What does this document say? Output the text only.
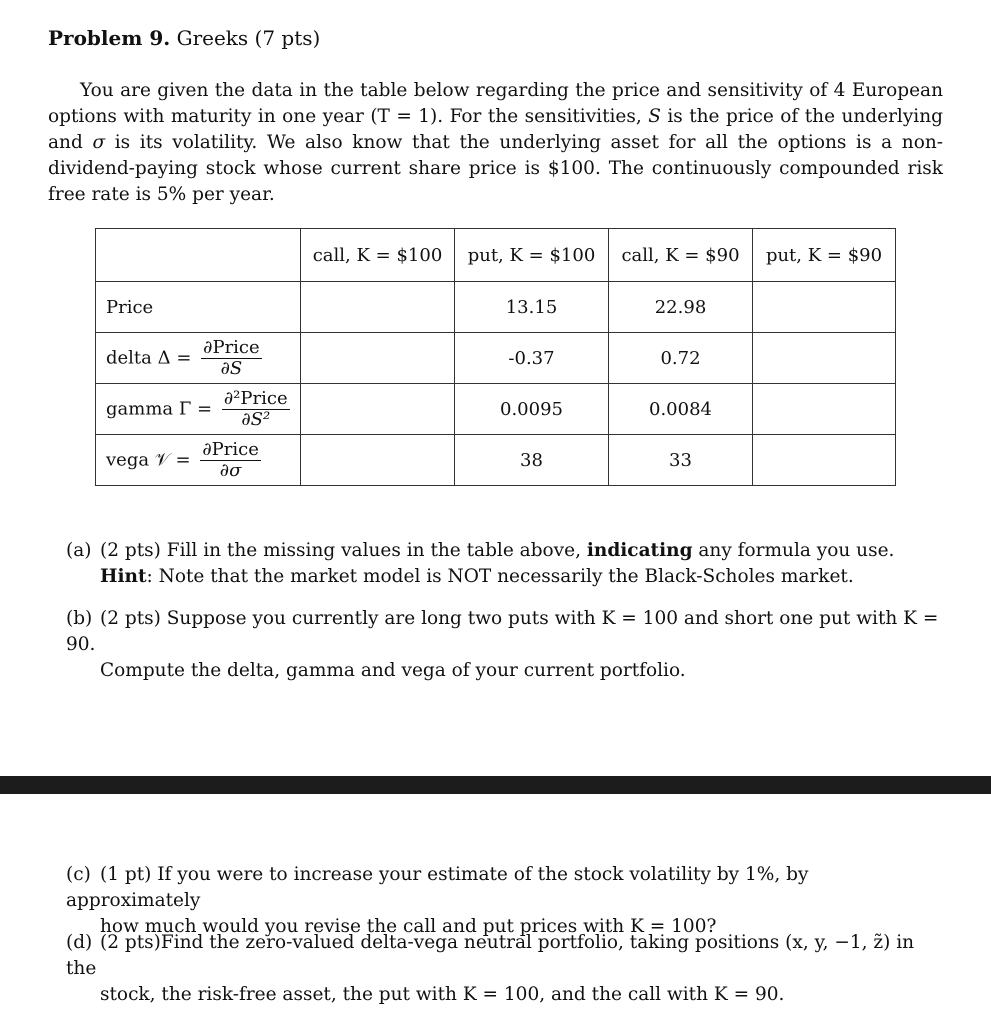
Problem 9. Greeks (7 pts)
You are given the data in the table below regarding the price and sensitivity of 4 European options with maturity in one year (T = 1). For the sensitivities, S is the price of the underlying and σ is its volatility. We also know that the underlying asset for all the options is a non-dividend-paying stock whose current share price is $100. The continuously compounded risk free rate is 5% per year.
	call, K = $100	put, K = $100	call, K = $90	put, K = $90
Price		13.15	22.98	
delta $\Delta = \frac{\text{∂Price}}{\partial S}$		-0.37	0.72	
gamma $\Gamma = \frac{\text{∂²Price}}{\text{∂S²}}$		0.0095	0.0084	
vega 𝒱 = $\frac{\text{∂Price}}{\partial\sigma}$		38	33	
(a) (2 pts) Fill in the missing values in the table above, indicating any formula you use.
Hint: Note that the market model is NOT necessarily the Black-Scholes market.
(b) (2 pts) Suppose you currently are long two puts with K = 100 and short one put with K = 90.
Compute the delta, gamma and vega of your current portfolio.
(c) (1 pt) If you were to increase your estimate of the stock volatility by 1%, by approximately
how much would you revise the call and put prices with K = 100?
(d) (2 pts)Find the zero-valued delta-vega neutral portfolio, taking positions (x, y, −1, z̃) in the
stock, the risk-free asset, the put with K = 100, and the call with K = 90.
